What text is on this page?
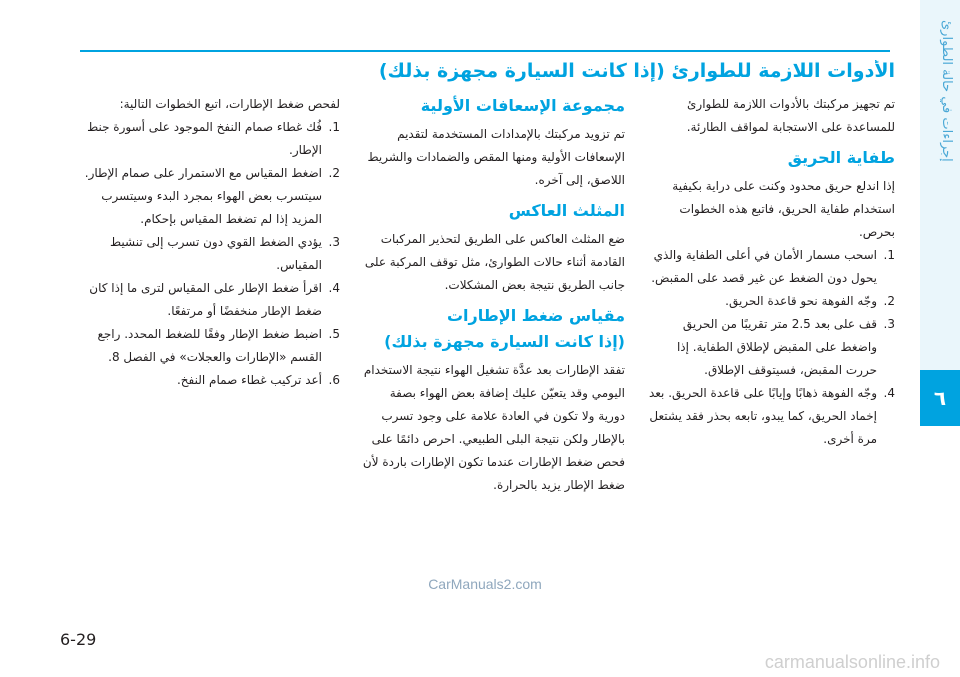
إجراءات في حالة الطوارئ
٦
الأدوات اللازمة للطوارئ (إذا كانت السيارة مجهزة بذلك)

تم تجهيز مركبتك بالأدوات اللازمة للطوارئ للمساعدة على الاستجابة لمواقف الطارئة.

طفاية الحريق

إذا اندلع حريق محدود وكنت على دراية بكيفية استخدام طفاية الحريق، فاتبع هذه الخطوات بحرص.

1.
اسحب مسمار الأمان في أعلى الطفاية والذي يحول دون الضغط عن غير قصد على المقبض.
2.
وجّه الفوهة نحو قاعدة الحريق.
3.
قف على بعد 2.5 متر تقريبًا من الحريق واضغط على المقبض لإطلاق الطفاية. إذا حررت المقبض، فسيتوقف الإطلاق.
4.
وجّه الفوهة ذهابًا وإيابًا على قاعدة الحريق. بعد إخماد الحريق، كما يبدو، تابعه بحذر فقد يشتعل مرة أخرى.
مجموعة الإسعافات الأولية

تم تزويد مركبتك بالإمدادات المستخدمة لتقديم الإسعافات الأولية ومنها المقص والضمادات والشريط اللاصق، إلى آخره.

المثلث العاكس

ضع المثلث العاكس على الطريق لتحذير المركبات القادمة أثناء حالات الطوارئ، مثل توقف المركبة على جانب الطريق نتيجة بعض المشكلات.

مقياس ضغط الإطارات
(إذا كانت السيارة مجهزة بذلك)

تفقد الإطارات بعد عدَّة تشغيل الهواء نتيجة الاستخدام اليومي وقد يتعيّن عليك إضافة بعض الهواء بصفة دورية ولا تكون في العادة علامة على وجود تسرب بالإطار ولكن نتيجة البلى الطبيعي. احرص دائمًا على فحص ضغط الإطارات عندما تكون الإطارات باردة لأن ضغط الإطار يزيد بالحرارة.

لفحص ضغط الإطارات، اتبع الخطوات التالية:

1.
فُك غطاء صمام النفخ الموجود على أسورة جنط الإطار.
2.
اضغط المقياس مع الاستمرار على صمام الإطار. سيتسرب بعض الهواء بمجرد البدء وسيتسرب المزيد إذا لم تضغط المقياس بإحكام.
3.
يؤدي الضغط القوي دون تسرب إلى تنشيط المقياس.
4.
اقرأ ضغط الإطار على المقياس لترى ما إذا كان ضغط الإطار منخفضًا أو مرتفعًا.
5.
اضبط ضغط الإطار وفقًا للضغط المحدد. راجع القسم «الإطارات والعجلات» في الفصل 8.
6.
أعد تركيب غطاء صمام النفخ.
CarManuals2.com
6-29
carmanualsonline.info
